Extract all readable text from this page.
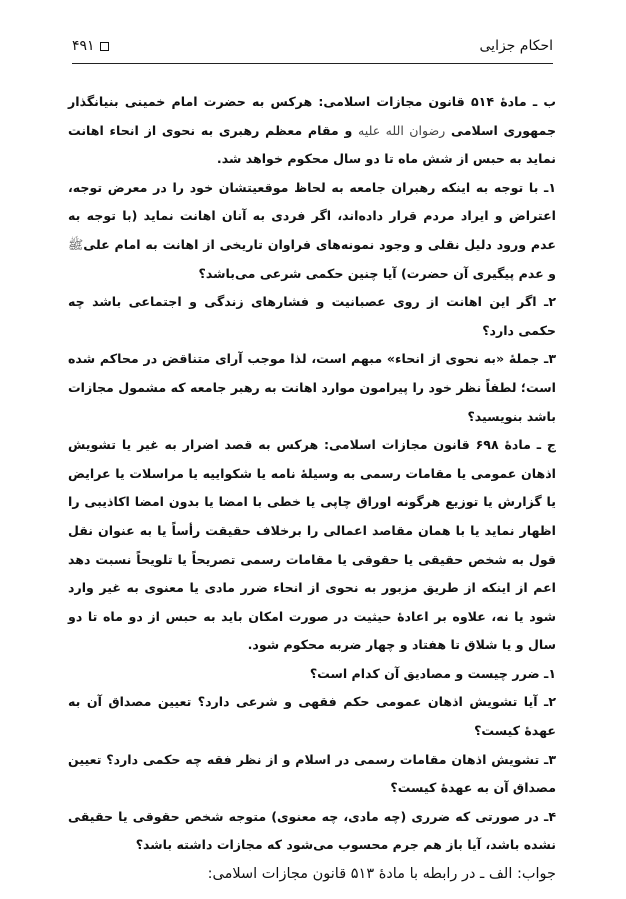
احکام جزایی
۴۹۱

ب ـ مادهٔ ۵۱۴ قانون مجازات اسلامی: هرکس به حضرت امام خمینی بنیانگذار جمهوری اسلامی رضوان الله علیه و مقام معظم رهبری به نحوی از انحاء اهانت نماید به حبس از شش ماه تا دو سال محکوم خواهد شد.

۱ـ با توجه به اینکه رهبران جامعه به لحاظ موقعیتشان خود را در معرض توجه، اعتراض و ایراد مردم قرار داده‌اند، اگر فردی به آنان اهانت نماید (با توجه به عدم ورود دلیل نقلی و وجود نمونه‌های فراوان تاریخی از اهانت به امام علیﷺ و عدم پیگیری آن حضرت) آیا چنین حکمی شرعی می‌باشد؟

۲ـ اگر این اهانت از روی عصبانیت و فشارهای زندگی و اجتماعی باشد چه حکمی دارد؟

۳ـ جملهٔ «به نحوی از انحاء» مبهم است، لذا موجب آرای متناقض در محاکم شده است؛ لطفاً نظر خود را پیرامون موارد اهانت به رهبر جامعه که مشمول مجازات باشد بنویسید؟

ج ـ مادهٔ ۶۹۸ قانون مجازات اسلامی: هرکس به قصد اضرار به غیر یا تشویش اذهان عمومی یا مقامات رسمی به وسیلهٔ نامه یا شکواییه یا مراسلات یا عرایض یا گزارش یا توزیع هرگونه اوراق چاپی یا خطی با امضا یا بدون امضا اکاذیبی را اظهار نماید یا با همان مقاصد اعمالی را برخلاف حقیقت رأساً یا به عنوان نقل قول به شخص حقیقی یا حقوقی یا مقامات رسمی تصریحاً یا تلویحاً نسبت دهد اعم از اینکه از طریق مزبور به نحوی از انحاء ضرر مادی یا معنوی به غیر وارد شود یا نه، علاوه بر اعادهٔ حیثیت در صورت امکان باید به حبس از دو ماه تا دو سال و یا شلاق تا هفتاد و چهار ضربه محکوم شود.

۱ـ ضرر چیست و مصادیق آن کدام است؟

۲ـ آیا تشویش اذهان عمومی حکم فقهی و شرعی دارد؟ تعیین مصداق آن به عهدهٔ کیست؟

۳ـ تشویش اذهان مقامات رسمی در اسلام و از نظر فقه چه حکمی دارد؟ تعیین مصداق آن به عهدهٔ کیست؟

۴ـ در صورتی که ضرری (چه مادی، چه معنوی) متوجه شخص حقوقی یا حقیقی نشده باشد، آیا باز هم جرم محسوب می‌شود که مجازات داشته باشد؟

جواب: الف ـ در رابطه با مادهٔ ۵۱۳ قانون مجازات اسلامی:
